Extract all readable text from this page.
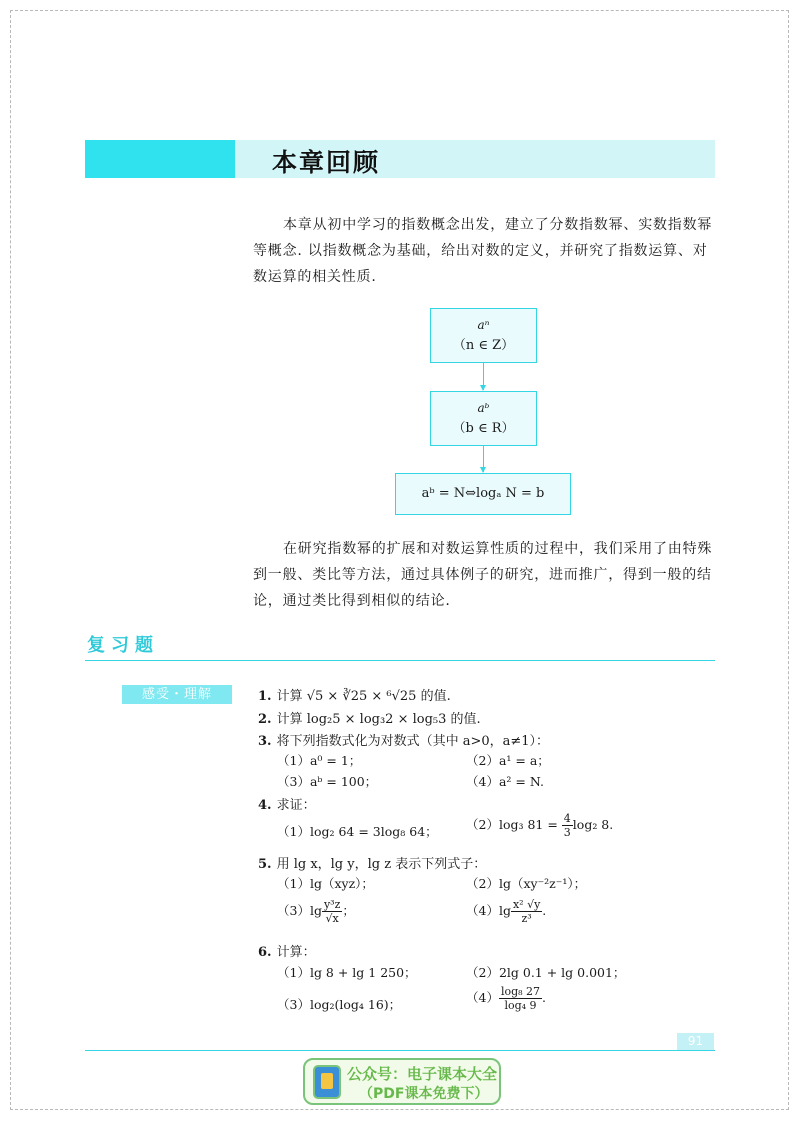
本章回顾
本章从初中学习的指数概念出发，建立了分数指数幂、实数指数幂等概念. 以指数概念为基础，给出对数的定义，并研究了指数运算、对数运算的相关性质.
aⁿ
（n ∈ Z）
aᵇ
（b ∈ R）
aᵇ = N⇔logₐ N = b
在研究指数幂的扩展和对数运算性质的过程中，我们采用了由特殊到一般、类比等方法，通过具体例子的研究，进而推广，得到一般的结论，通过类比得到相似的结论.
复习题
感受・理解	1. 计算 √5 × ∛25 × ⁶√25 的值.
2. 计算 log₂5 × log₃2 × log₅3 的值.
3. 将下列指数式化为对数式（其中 a>0，a≠1）：
（1）a⁰ = 1；	（2）a¹ = a；
（3）aᵇ = 100；	（4）a² = N.
4. 求证：
（1）log₂ 64 = 3log₈ 64； （2）log₃ $81 = \frac{4}{3} \log_2$ 8.
5. 用 lg x，lg y，lg z 表示下列式子：
（1）lg（xyz）；	（2）lg（xy⁻²z⁻¹）；
$(3)\lg \frac{\text{y³z}}{√x}$ ；	$(4)\lg \frac{\text{x² √y}}{\text{z³}}$ .
6. 计算：
（1）lg 8 + lg 1 250；	（2）2lg 0.1 + lg 0.001；
（3）log₂(log₄ 16)；	$(4) \frac{\text{log₈ 27}}{\text{log₄ 9}}$ .
91
公众号：电子课本大全
（PDF课本免费下）
